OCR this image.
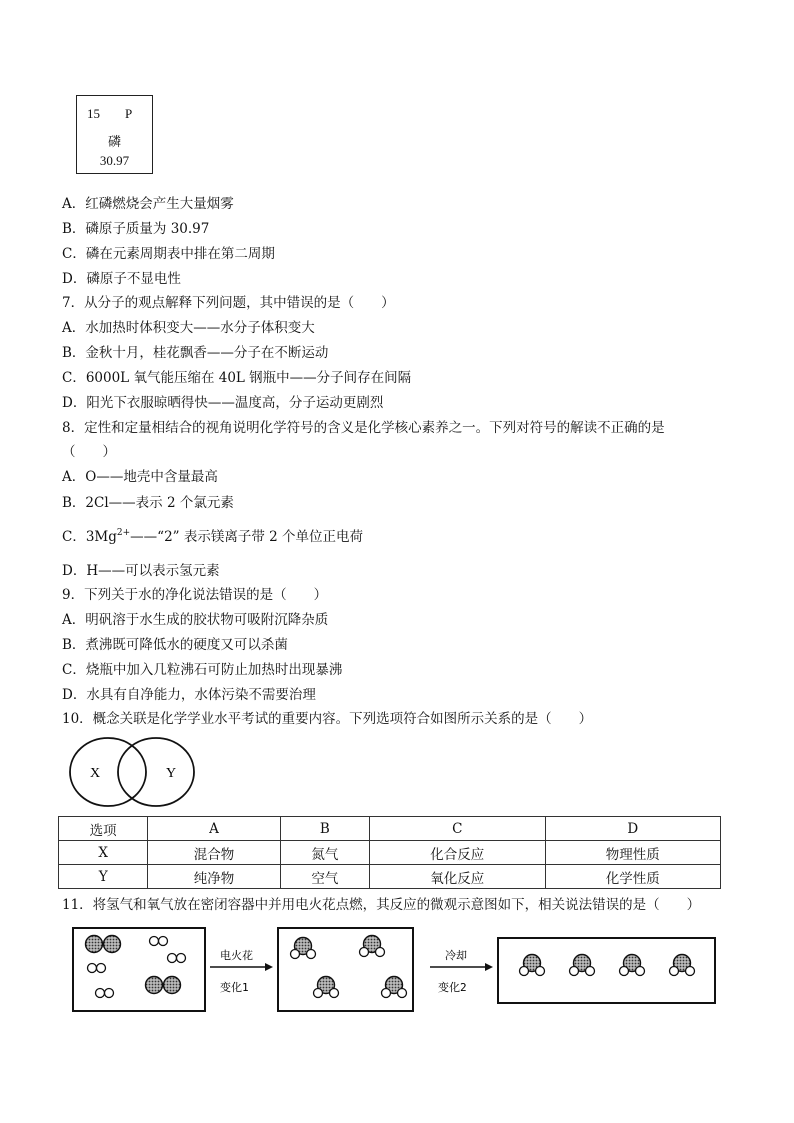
15 P
磷
30.97
A．红磷燃烧会产生大量烟雾
B．磷原子质量为 30.97
C．磷在元素周期表中排在第二周期
D．磷原子不显电性
7．从分子的观点解释下列问题，其中错误的是（　　）
A．水加热时体积变大——水分子体积变大
B．金秋十月，桂花飘香——分子在不断运动
C．6000L 氧气能压缩在 40L 钢瓶中——分子间存在间隔
D．阳光下衣服晾晒得快——温度高，分子运动更剧烈
8．定性和定量相结合的视角说明化学符号的含义是化学核心素养之一。下列对符号的解读不正确的是
（　　）
A．O——地壳中含量最高
B．2Cl——表示 2 个氯元素
C．$3Mg^{2+}——“2$” 表示镁离子带 2 个单位正电荷
D．H——可以表示氢元素
9．下列关于水的净化说法错误的是（　　）
A．明矾溶于水生成的胶状物可吸附沉降杂质
B．煮沸既可降低水的硬度又可以杀菌
C．烧瓶中加入几粒沸石可防止加热时出现暴沸
D．水具有自净能力，水体污染不需要治理
10．概念关联是化学学业水平考试的重要内容。下列选项符合如图所示关系的是（　　）
X	Y
选项	A	B	C	D
X	混合物	氮气	化合反应	物理性质
Y	纯净物	空气	氧化反应	化学性质
11．将氢气和氧气放在密闭容器中并用电火花点燃，其反应的微观示意图如下，相关说法错误的是（　　）
电火花
变化1
冷却
变化2
